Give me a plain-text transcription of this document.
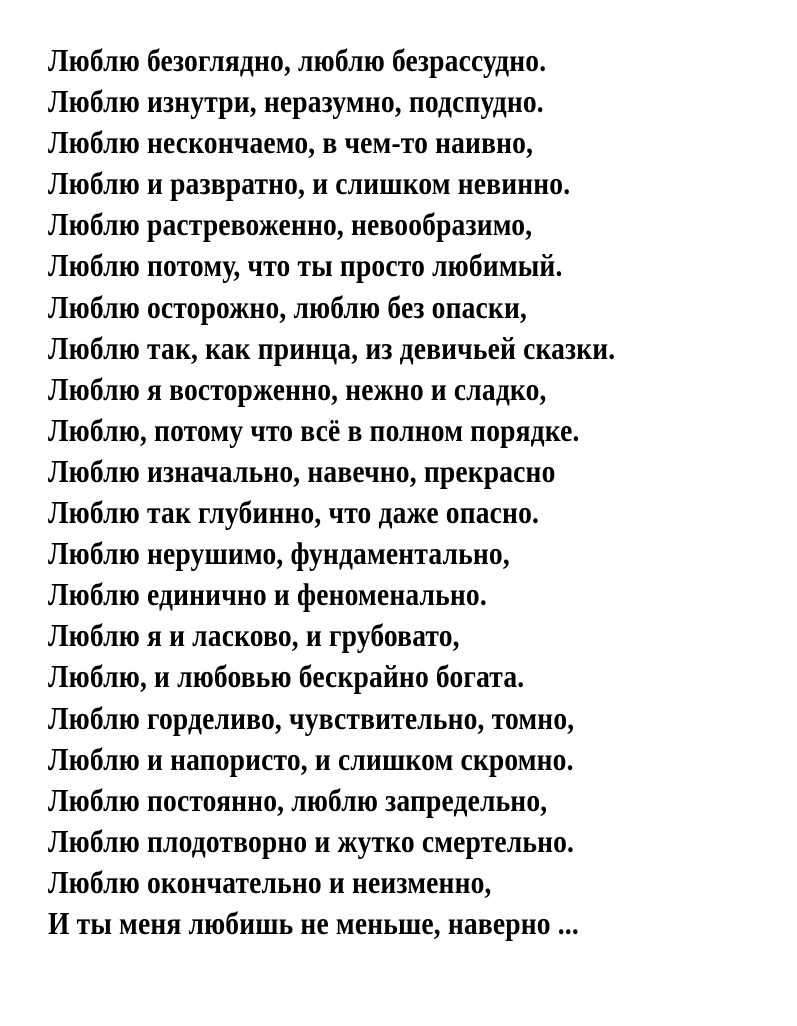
Люблю безоглядно, люблю безрассудно.
Люблю изнутри, неразумно, подспудно.
Люблю нескончаемо, в чем-то наивно,
Люблю и развратно, и слишком невинно.
Люблю растревоженно, невообразимо,
Люблю потому, что ты просто любимый.
Люблю осторожно, люблю без опаски,
Люблю так, как принца, из девичьей сказки.
Люблю я восторженно, нежно и сладко,
Люблю, потому что всё в полном порядке.
Люблю изначально, навечно, прекрасно
Люблю так глубинно, что даже опасно.
Люблю нерушимо, фундаментально,
Люблю единично и феноменально.
Люблю я и ласково, и грубовато,
Люблю, и любовью бескрайно богата.
Люблю горделиво, чувствительно, томно,
Люблю и напористо, и слишком скромно.
Люблю постоянно, люблю запредельно,
Люблю плодотворно и жутко смертельно.
Люблю окончательно и неизменно,
И ты меня любишь не меньше, наверно ...
